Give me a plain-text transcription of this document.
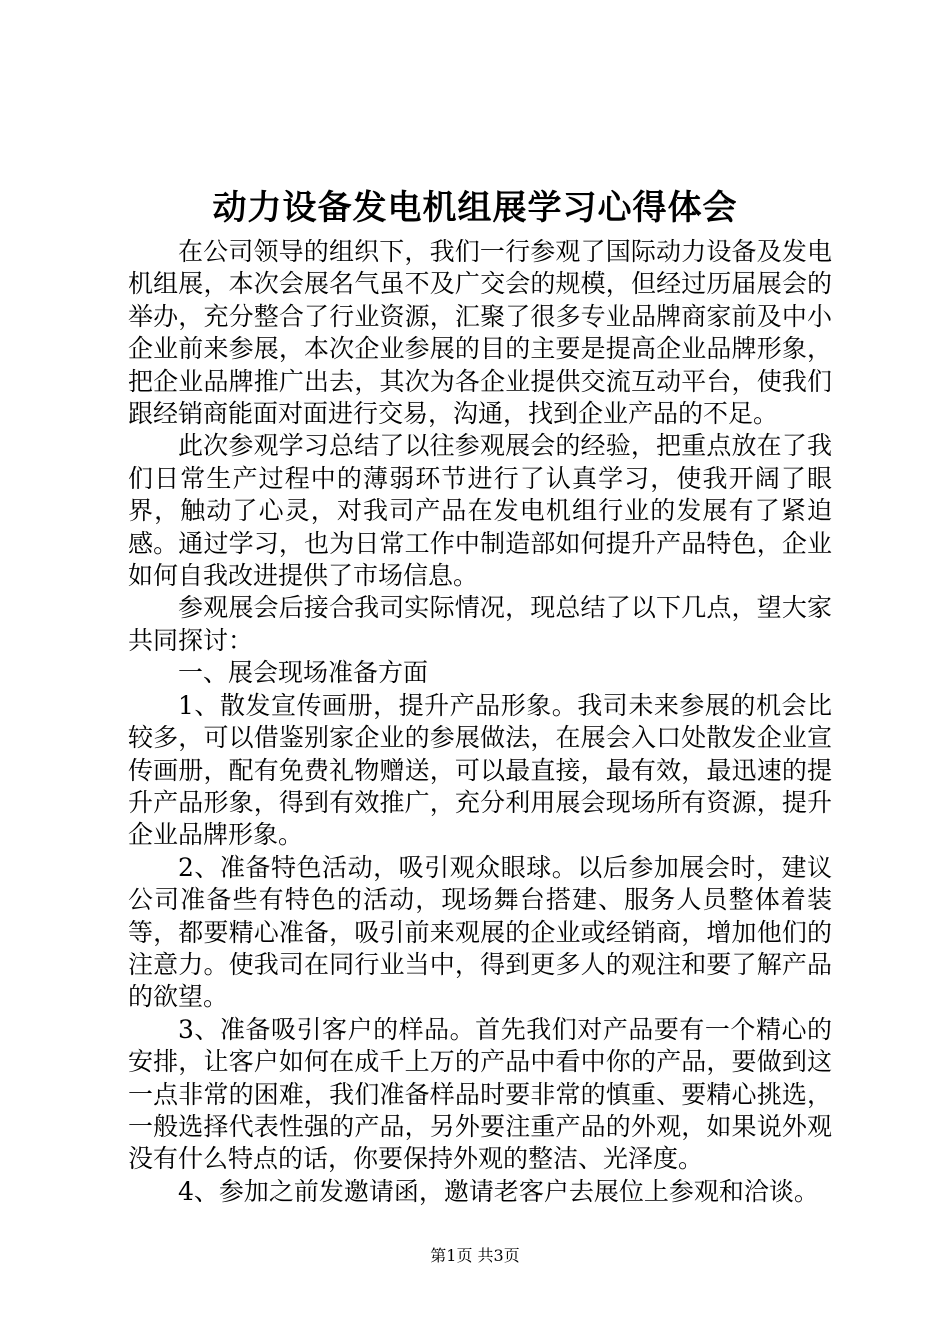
动力设备发电机组展学习心得体会

在公司领导的组织下，我们一行参观了国际动力设备及发电机组展，本次会展名气虽不及广交会的规模，但经过历届展会的举办，充分整合了行业资源，汇聚了很多专业品牌商家前及中小企业前来参展，本次企业参展的目的主要是提高企业品牌形象，把企业品牌推广出去，其次为各企业提供交流互动平台，使我们跟经销商能面对面进行交易，沟通，找到企业产品的不足。

此次参观学习总结了以往参观展会的经验，把重点放在了我们日常生产过程中的薄弱环节进行了认真学习，使我开阔了眼界，触动了心灵，对我司产品在发电机组行业的发展有了紧迫感。通过学习，也为日常工作中制造部如何提升产品特色，企业如何自我改进提供了市场信息。

参观展会后接合我司实际情况，现总结了以下几点，望大家共同探讨：

一、展会现场准备方面

1、散发宣传画册，提升产品形象。我司未来参展的机会比较多，可以借鉴别家企业的参展做法，在展会入口处散发企业宣传画册，配有免费礼物赠送，可以最直接，最有效，最迅速的提升产品形象，得到有效推广，充分利用展会现场所有资源，提升企业品牌形象。

2、准备特色活动，吸引观众眼球。以后参加展会时，建议公司准备些有特色的活动，现场舞台搭建、服务人员整体着装等，都要精心准备，吸引前来观展的企业或经销商，增加他们的注意力。使我司在同行业当中，得到更多人的观注和要了解产品的欲望。

3、准备吸引客户的样品。首先我们对产品要有一个精心的安排，让客户如何在成千上万的产品中看中你的产品，要做到这一点非常的困难，我们准备样品时要非常的慎重、要精心挑选，一般选择代表性强的产品，另外要注重产品的外观，如果说外观没有什么特点的话，你要保持外观的整洁、光泽度。

4、参加之前发邀请函，邀请老客户去展位上参观和洽谈。

第1页 共3页
